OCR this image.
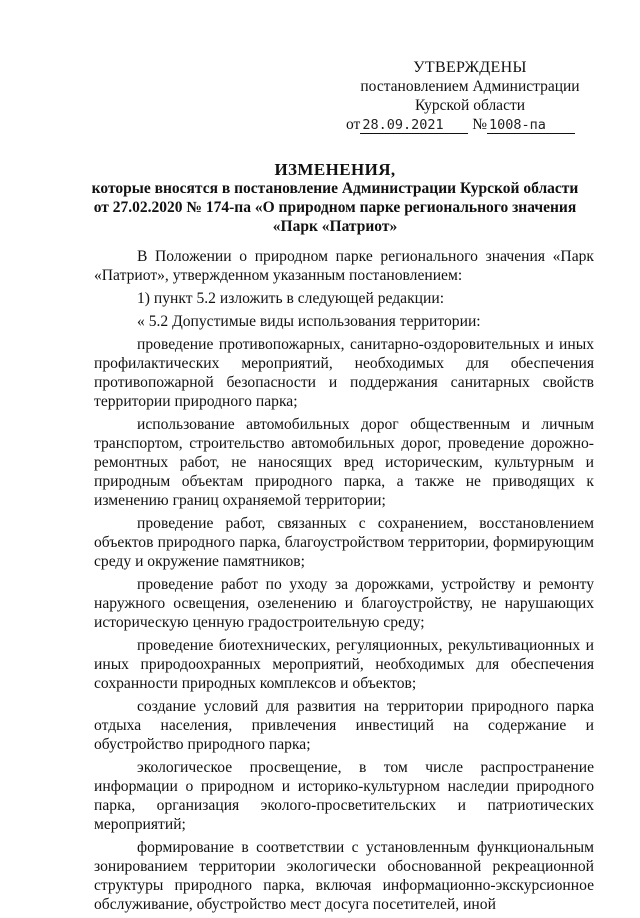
УТВЕРЖДЕНЫ
постановлением Администрации
Курской области
от 28.09.2021 № 1008-па
ИЗМЕНЕНИЯ,
которые вносятся в постановление Администрации Курской области
от 27.02.2020 № 174-па «О природном парке регионального значения
«Парк «Патриот»

В Положении о природном парке регионального значения «Парк «Патриот», утвержденном указанным постановлением:

1) пункт 5.2 изложить в следующей редакции:

« 5.2 Допустимые виды использования территории:

проведение противопожарных, санитарно-оздоровительных и иных профилактических мероприятий, необходимых для обеспечения противопожарной безопасности и поддержания санитарных свойств территории природного парка;

использование автомобильных дорог общественным и личным транспортом, строительство автомобильных дорог, проведение дорожно-ремонтных работ, не наносящих вред историческим, культурным и природным объектам природного парка, а также не приводящих к изменению границ охраняемой территории;

проведение работ, связанных с сохранением, восстановлением объектов природного парка, благоустройством территории, формирующим среду и окружение памятников;

проведение работ по уходу за дорожками, устройству и ремонту наружного освещения, озеленению и благоустройству, не нарушающих историческую ценную градостроительную среду;

проведение биотехнических, регуляционных, рекультивационных и иных природоохранных мероприятий, необходимых для обеспечения сохранности природных комплексов и объектов;

создание условий для развития на территории природного парка отдыха населения, привлечения инвестиций на содержание и обустройство природного парка;

экологическое просвещение, в том числе распространение информации о природном и историко-культурном наследии природного парка, организация эколого-просветительских и патриотических мероприятий;

формирование в соответствии с установленным функциональным зонированием территории экологически обоснованной рекреационной структуры природного парка, включая информационно-экскурсионное обслуживание, обустройство мест досуга посетителей, иной
